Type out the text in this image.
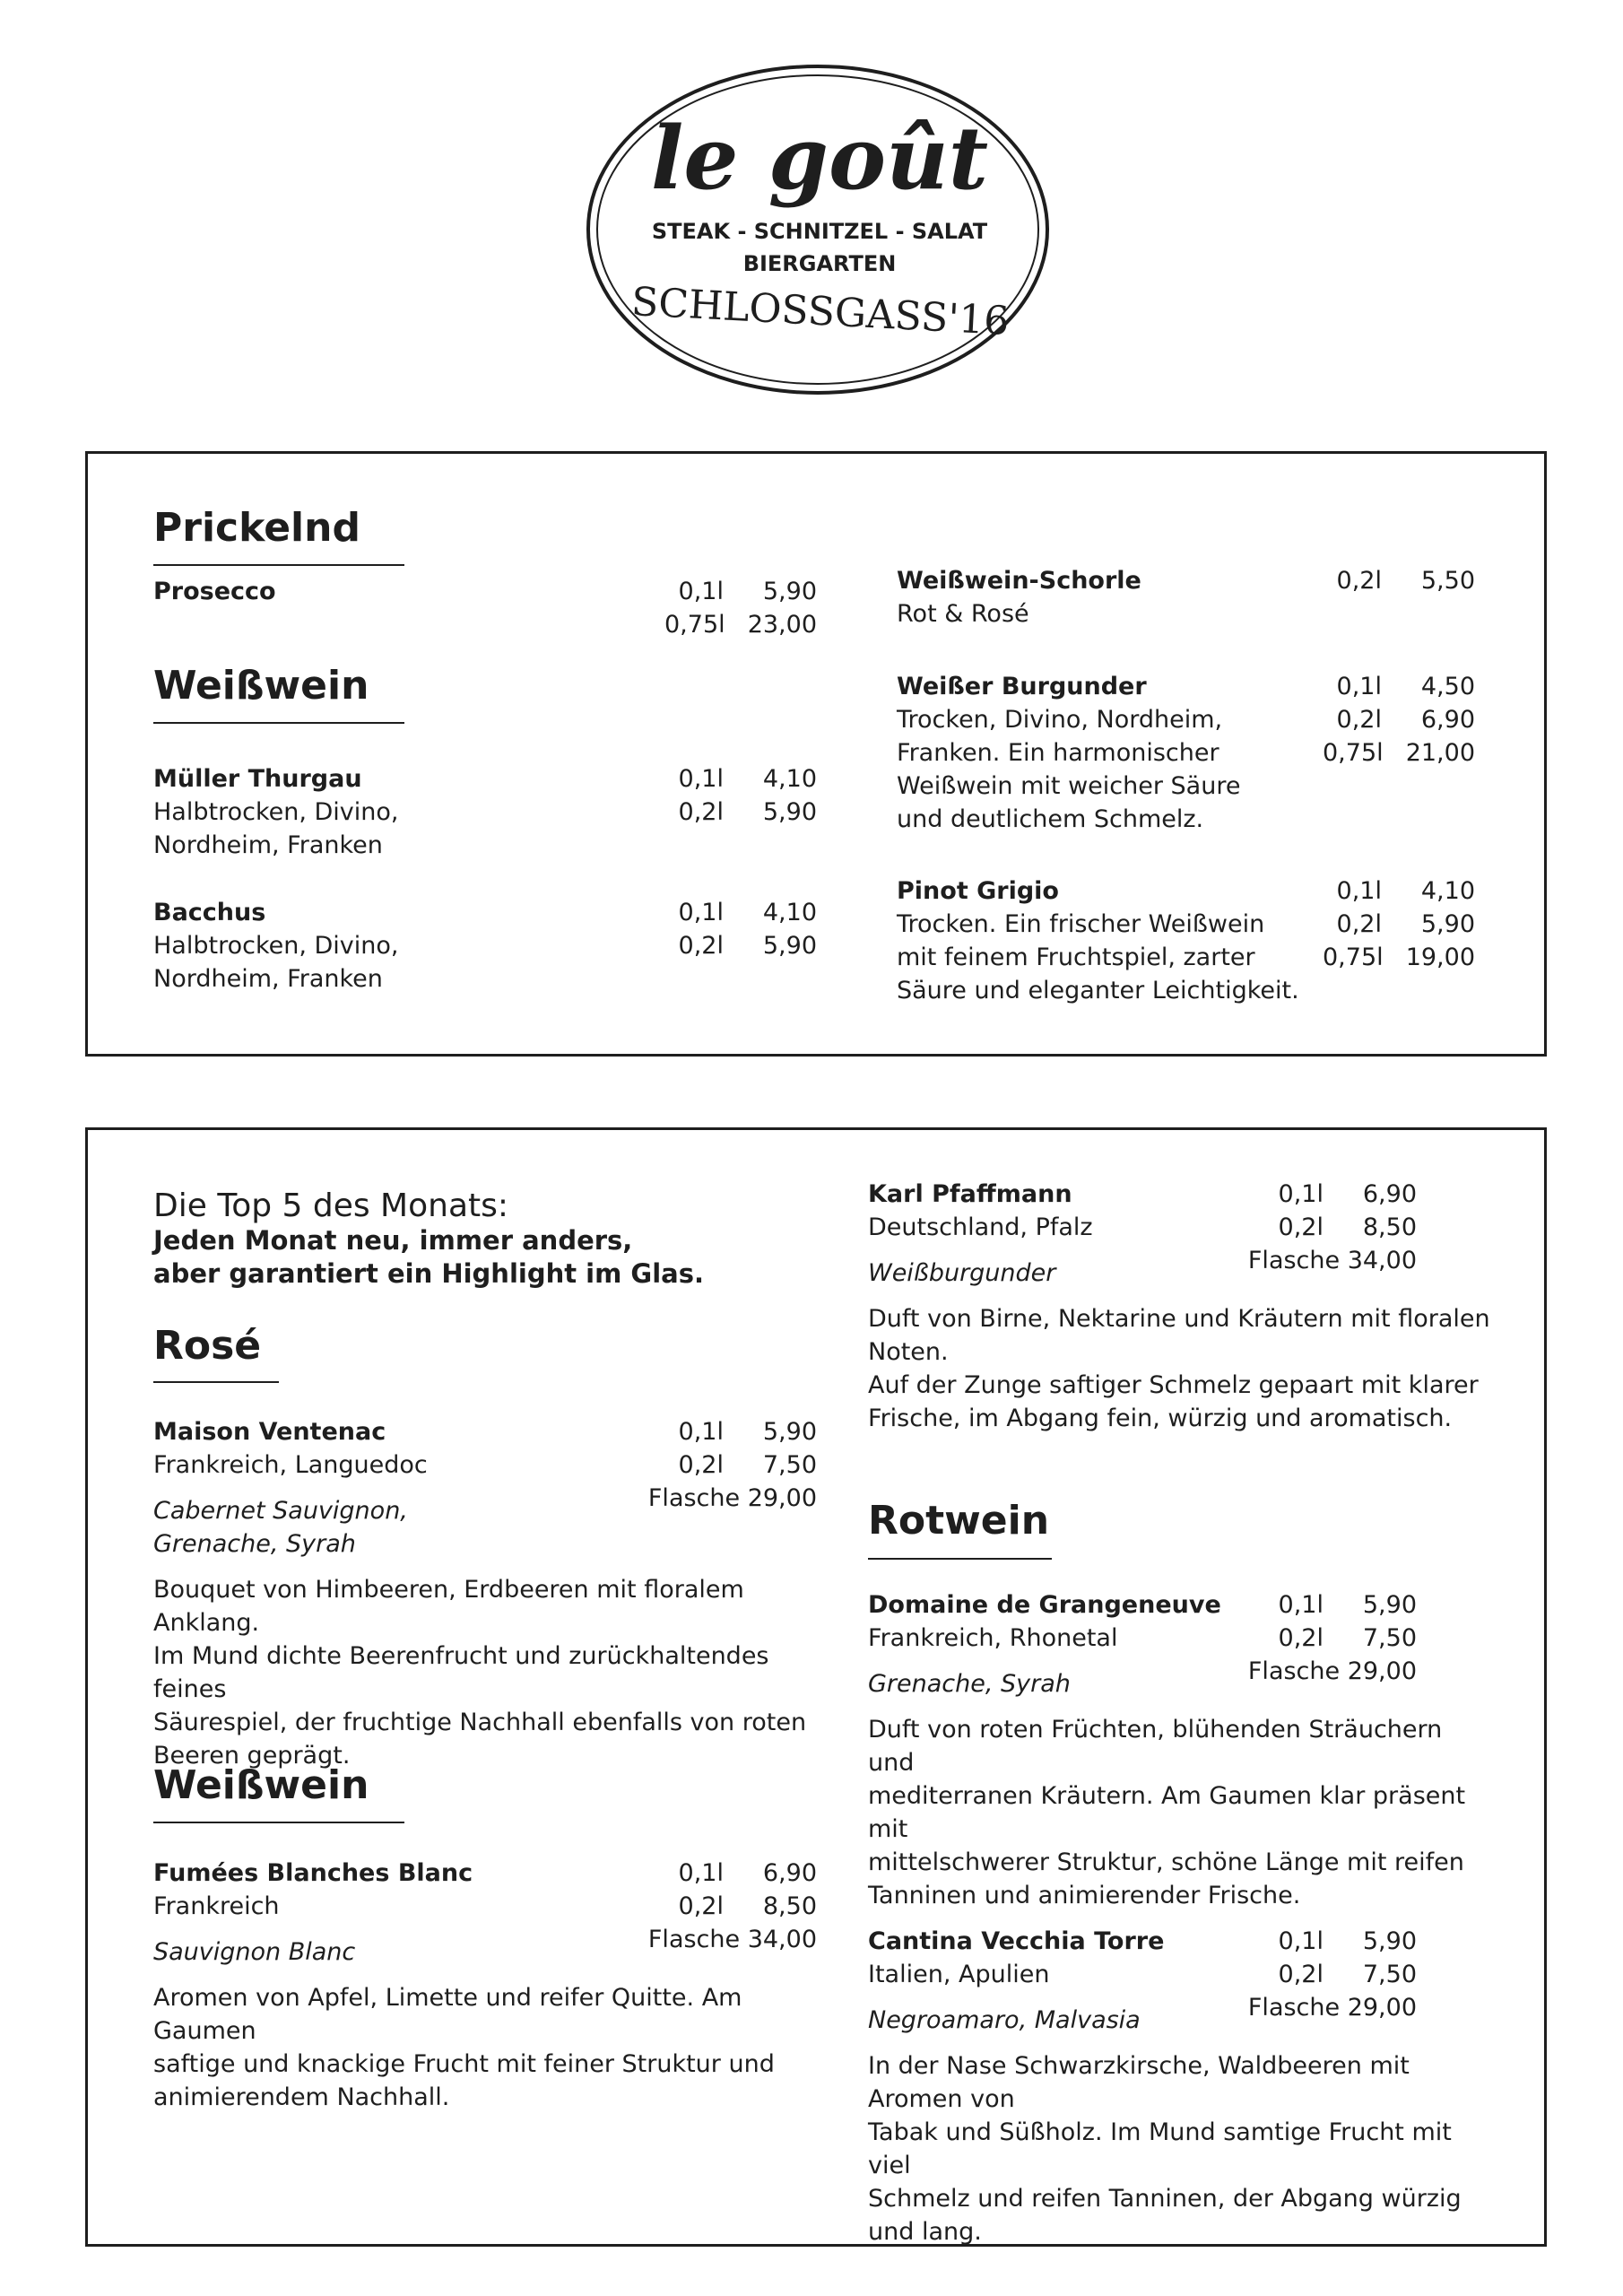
le goût
STEAK - SCHNITZEL - SALAT
BIERGARTEN
SCHLOSSGASS'16
Prickelnd
Prosecco	0,1l 5,90
0,75l 23,00
Weißwein
Müller Thurgau
Halbtrocken, Divino,
Nordheim, Franken
0,1l 4,10
0,2l 5,90
Bacchus
Halbtrocken, Divino,
Nordheim, Franken
0,1l 4,10
0,2l 5,90
Weißwein-Schorle
Rot & Rosé
0,2l 5,50
Weißer Burgunder
Trocken, Divino, Nordheim,
Franken. Ein harmonischer
Weißwein mit weicher Säure
und deutlichem Schmelz.
0,1l 4,50
0,2l 6,90
0,75l 21,00
Pinot Grigio
Trocken. Ein frischer Weißwein
mit feinem Fruchtspiel, zarter
Säure und eleganter Leichtigkeit.
0,1l 4,10
0,2l 5,90
0,75l 19,00
Die Top 5 des Monats:
Jeden Monat neu, immer anders,
aber garantiert ein Highlight im Glas.
Rosé
Maison Ventenac
Frankreich, Languedoc
Cabernet Sauvignon,
Grenache, Syrah
Bouquet von Himbeeren, Erdbeeren mit floralem Anklang.
Im Mund dichte Beerenfrucht und zurückhaltendes feines
Säurespiel, der fruchtige Nachhall ebenfalls von roten
Beeren geprägt.
0,1l 5,90
0,2l 7,50
Flasche 29,00
Weißwein
Fumées Blanches Blanc
Frankreich
Sauvignon Blanc
Aromen von Apfel, Limette und reifer Quitte. Am Gaumen
saftige und knackige Frucht mit feiner Struktur und
animierendem Nachhall.
0,1l 6,90
0,2l 8,50
Flasche 34,00
Karl Pfaffmann
Deutschland, Pfalz
Weißburgunder
Duft von Birne, Nektarine und Kräutern mit floralen Noten.
Auf der Zunge saftiger Schmelz gepaart mit klarer
Frische, im Abgang fein, würzig und aromatisch.
0,1l 6,90
0,2l 8,50
Flasche 34,00
Rotwein
Domaine de Grangeneuve
Frankreich, Rhonetal
Grenache, Syrah
Duft von roten Früchten, blühenden Sträuchern und
mediterranen Kräutern. Am Gaumen klar präsent mit
mittelschwerer Struktur, schöne Länge mit reifen
Tanninen und animierender Frische.
0,1l 5,90
0,2l 7,50
Flasche 29,00
Cantina Vecchia Torre
Italien, Apulien
Negroamaro, Malvasia
In der Nase Schwarzkirsche, Waldbeeren mit Aromen von
Tabak und Süßholz. Im Mund samtige Frucht mit viel
Schmelz und reifen Tanninen, der Abgang würzig und lang.
0,1l 5,90
0,2l 7,50
Flasche 29,00
